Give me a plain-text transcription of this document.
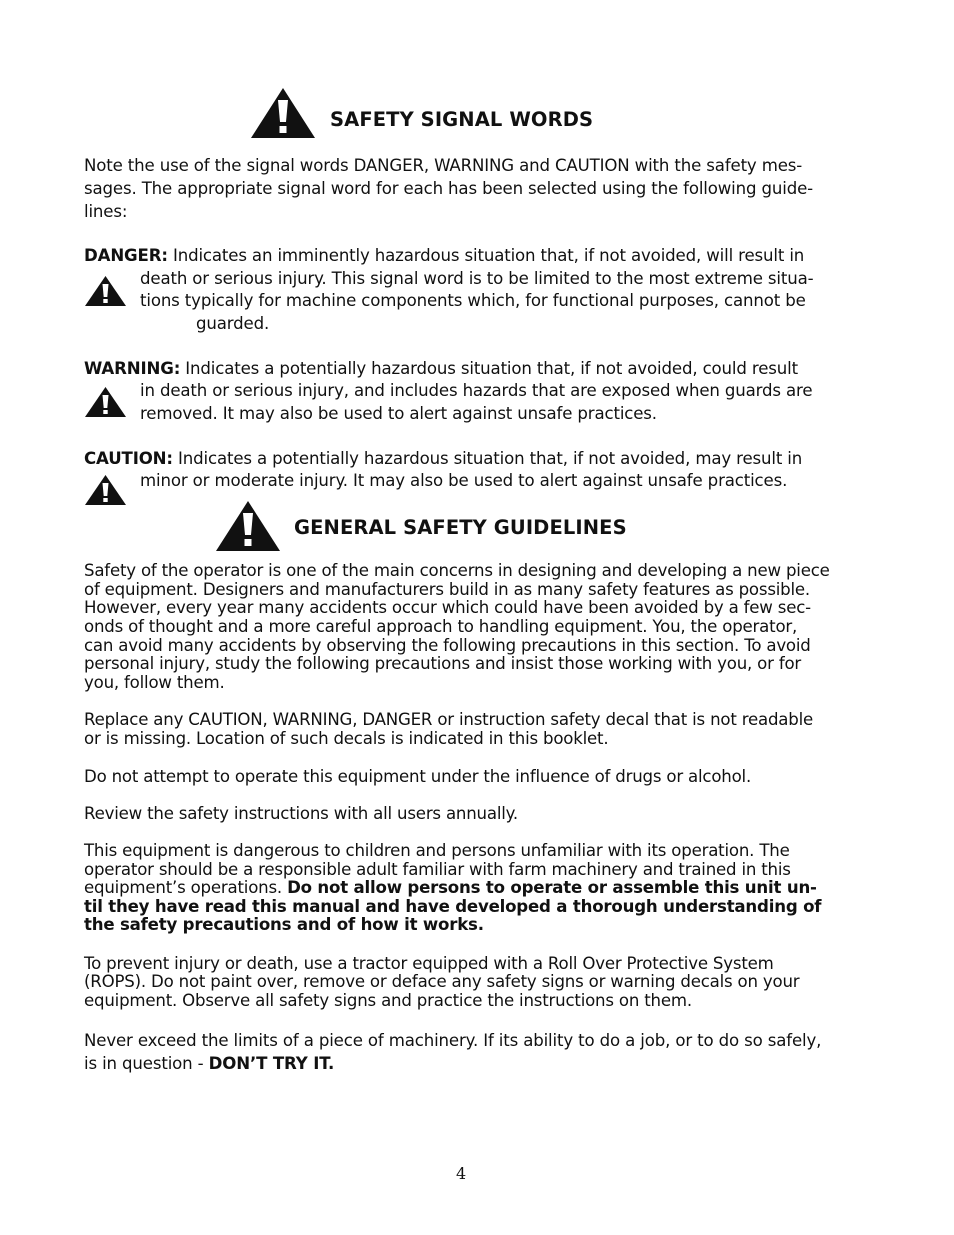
SAFETY SIGNAL WORDS
Note the use of the signal words DANGER, WARNING and CAUTION with the safety mes-
sages. The appropriate signal word for each has been selected using the following guide-
lines:
DANGER: Indicates an imminently hazardous situation that, if not avoided, will result in
death or serious injury. This signal word is to be limited to the most extreme situa-
tions typically for machine components which, for functional purposes, cannot be
guarded.
WARNING: Indicates a potentially hazardous situation that, if not avoided, could result
in death or serious injury, and includes hazards that are exposed when guards are
removed. It may also be used to alert against unsafe practices.
CAUTION: Indicates a potentially hazardous situation that, if not avoided, may result in
minor or moderate injury. It may also be used to alert against unsafe practices.
GENERAL SAFETY GUIDELINES
Safety of the operator is one of the main concerns in designing and developing a new piece
of equipment. Designers and manufacturers build in as many safety features as possible.
However, every year many accidents occur which could have been avoided by a few sec-
onds of thought and a more careful approach to handling equipment. You, the operator,
can avoid many accidents by observing the following precautions in this section. To avoid
personal injury, study the following precautions and insist those working with you, or for
you, follow them.
Replace any CAUTION, WARNING, DANGER or instruction safety decal that is not readable
or is missing. Location of such decals is indicated in this booklet.
Do not attempt to operate this equipment under the influence of drugs or alcohol.
Review the safety instructions with all users annually.
This equipment is dangerous to children and persons unfamiliar with its operation. The
operator should be a responsible adult familiar with farm machinery and trained in this
equipment’s operations. Do not allow persons to operate or assemble this unit un-
til they have read this manual and have developed a thorough understanding of
the safety precautions and of how it works.
To prevent injury or death, use a tractor equipped with a Roll Over Protective System
(ROPS). Do not paint over, remove or deface any safety signs or warning decals on your
equipment. Observe all safety signs and practice the instructions on them.
Never exceed the limits of a piece of machinery. If its ability to do a job, or to do so safely,
is in question - DON’T TRY IT.
4
